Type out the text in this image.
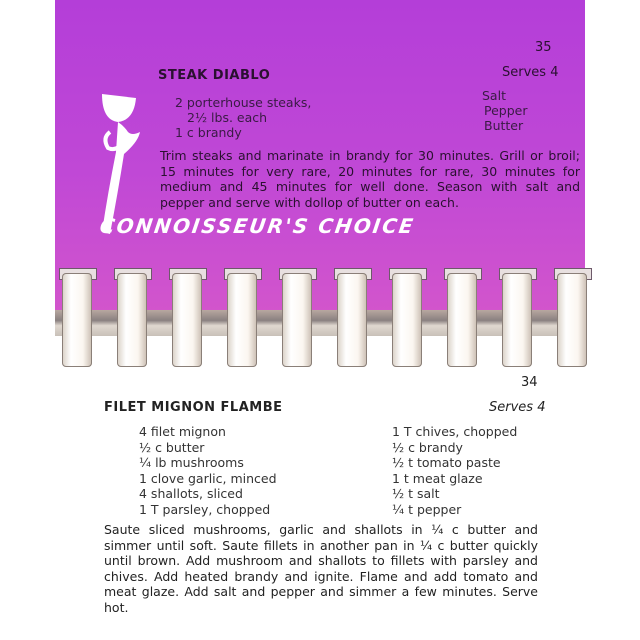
35
STEAK DIABLO	Serves 4
2 porterhouse steaks,
2½ lbs. each
1 c brandy
Salt
Pepper
Butter
Trim steaks and marinate in brandy for 30 minutes. Grill or broil; 15 minutes for very rare, 20 minutes for rare, 30 minutes for medium and 45 minutes for well done. Season with salt and pepper and serve with dollop of butter on each.
CONNOISSEUR'S CHOICE
34
FILET MIGNON FLAMBE	Serves 4
4 filet mignon
½ c butter
¼ lb mushrooms
1 clove garlic, minced
4 shallots, sliced
1 T parsley, chopped
1 T chives, chopped
½ c brandy
½ t tomato paste
1 t meat glaze
½ t salt
¼ t pepper
Saute sliced mushrooms, garlic and shallots in ¼ c butter and simmer until soft. Saute fillets in another pan in ¼ c butter quickly until brown. Add mushroom and shallots to fillets with parsley and chives. Add heated brandy and ignite. Flame and add tomato and meat glaze. Add salt and pepper and simmer a few minutes. Serve hot.
